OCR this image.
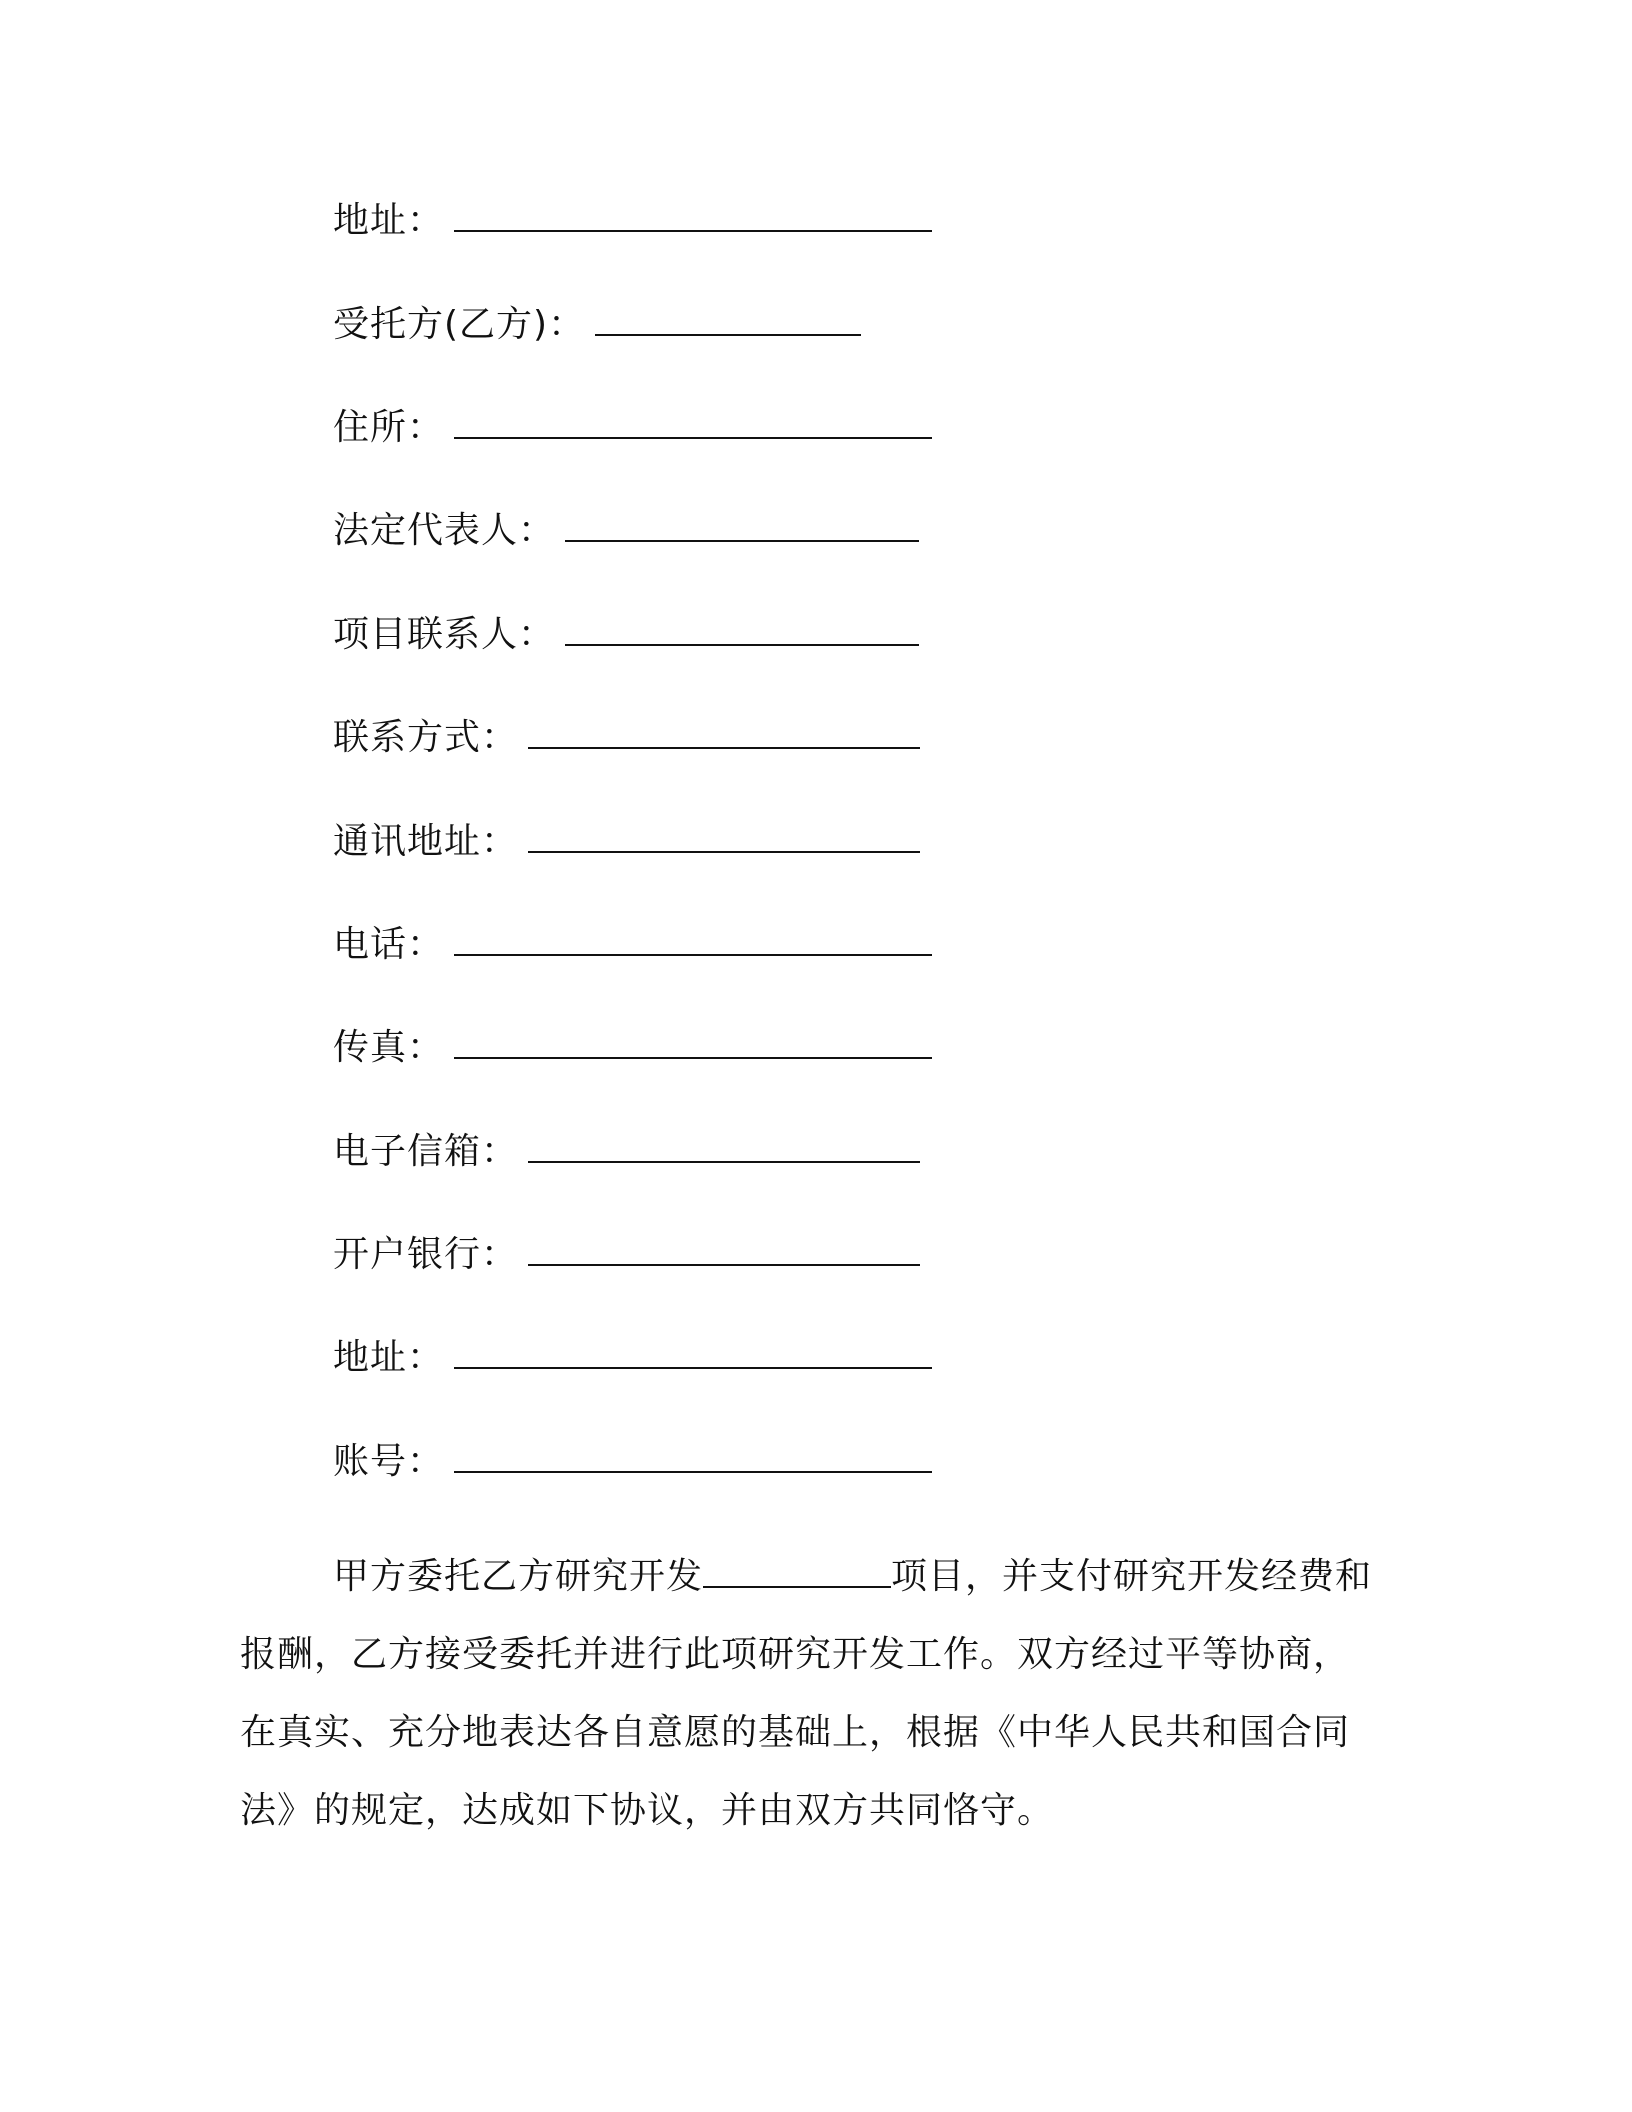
地址：
受托方(乙方)：
住所：
法定代表人：
项目联系人：
联系方式：
通讯地址：
电话：
传真：
电子信箱：
开户银行：
地址：
账号：

甲方委托乙方研究开发	项目，并支付研究开发经费和

报酬，乙方接受委托并进行此项研究开发工作。双方经过平等协商，

在真实、充分地表达各自意愿的基础上，根据《中华人民共和国合同

法》的规定，达成如下协议，并由双方共同恪守。
